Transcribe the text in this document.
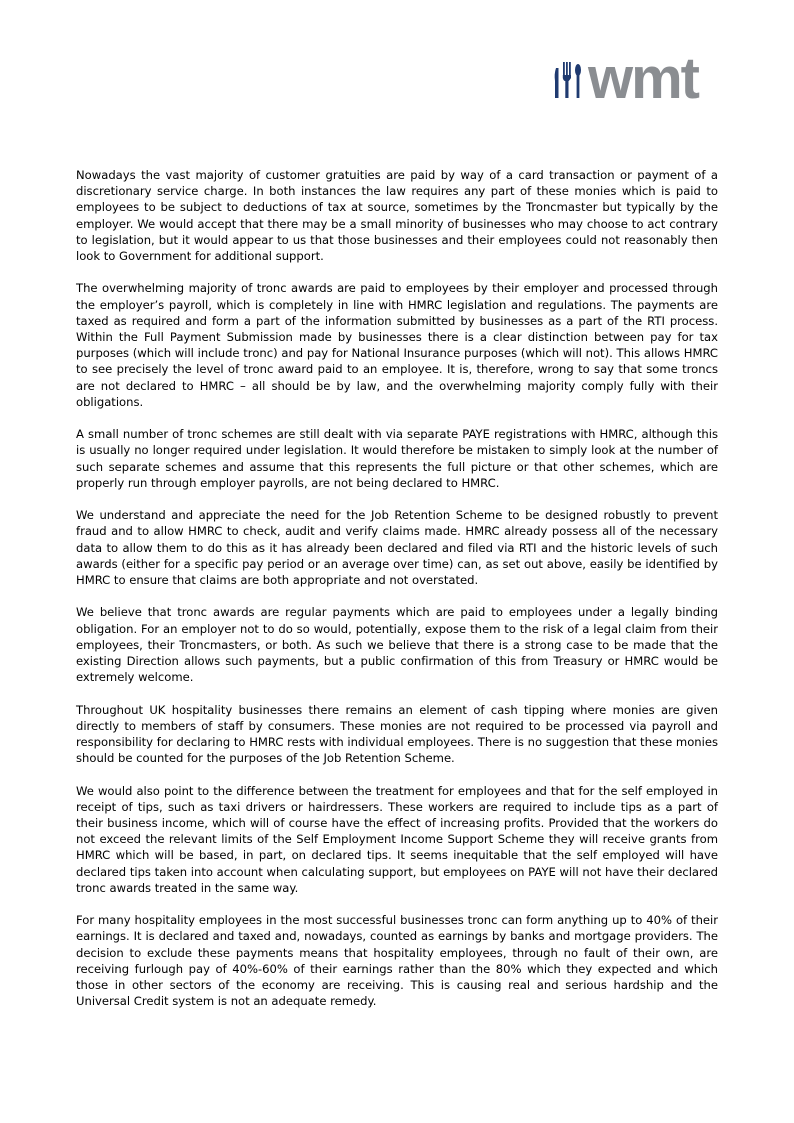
wmt

Nowadays the vast majority of customer gratuities are paid by way of a card transaction or payment of a discretionary service charge. In both instances the law requires any part of these monies which is paid to employees to be subject to deductions of tax at source, sometimes by the Troncmaster but typically by the employer. We would accept that there may be a small minority of businesses who may choose to act contrary to legislation, but it would appear to us that those businesses and their employees could not reasonably then look to Government for additional support.

The overwhelming majority of tronc awards are paid to employees by their employer and processed through the employer’s payroll, which is completely in line with HMRC legislation and regulations. The payments are taxed as required and form a part of the information submitted by businesses as a part of the RTI process. Within the Full Payment Submission made by businesses there is a clear distinction between pay for tax purposes (which will include tronc) and pay for National Insurance purposes (which will not). This allows HMRC to see precisely the level of tronc award paid to an employee. It is, therefore, wrong to say that some troncs are not declared to HMRC – all should be by law, and the overwhelming majority comply fully with their obligations.

A small number of tronc schemes are still dealt with via separate PAYE registrations with HMRC, although this is usually no longer required under legislation. It would therefore be mistaken to simply look at the number of such separate schemes and assume that this represents the full picture or that other schemes, which are properly run through employer payrolls, are not being declared to HMRC.

We understand and appreciate the need for the Job Retention Scheme to be designed robustly to prevent fraud and to allow HMRC to check, audit and verify claims made. HMRC already possess all of the necessary data to allow them to do this as it has already been declared and filed via RTI and the historic levels of such awards (either for a specific pay period or an average over time) can, as set out above, easily be identified by HMRC to ensure that claims are both appropriate and not overstated.

We believe that tronc awards are regular payments which are paid to employees under a legally binding obligation. For an employer not to do so would, potentially, expose them to the risk of a legal claim from their employees, their Troncmasters, or both. As such we believe that there is a strong case to be made that the existing Direction allows such payments, but a public confirmation of this from Treasury or HMRC would be extremely welcome.

Throughout UK hospitality businesses there remains an element of cash tipping where monies are given directly to members of staff by consumers. These monies are not required to be processed via payroll and responsibility for declaring to HMRC rests with individual employees. There is no suggestion that these monies should be counted for the purposes of the Job Retention Scheme.

We would also point to the difference between the treatment for employees and that for the self employed in receipt of tips, such as taxi drivers or hairdressers. These workers are required to include tips as a part of their business income, which will of course have the effect of increasing profits. Provided that the workers do not exceed the relevant limits of the Self Employment Income Support Scheme they will receive grants from HMRC which will be based, in part, on declared tips. It seems inequitable that the self employed will have declared tips taken into account when calculating support, but employees on PAYE will not have their declared tronc awards treated in the same way.

For many hospitality employees in the most successful businesses tronc can form anything up to 40% of their earnings. It is declared and taxed and, nowadays, counted as earnings by banks and mortgage providers. The decision to exclude these payments means that hospitality employees, through no fault of their own, are receiving furlough pay of 40%-60% of their earnings rather than the 80% which they expected and which those in other sectors of the economy are receiving. This is causing real and serious hardship and the Universal Credit system is not an adequate remedy.
